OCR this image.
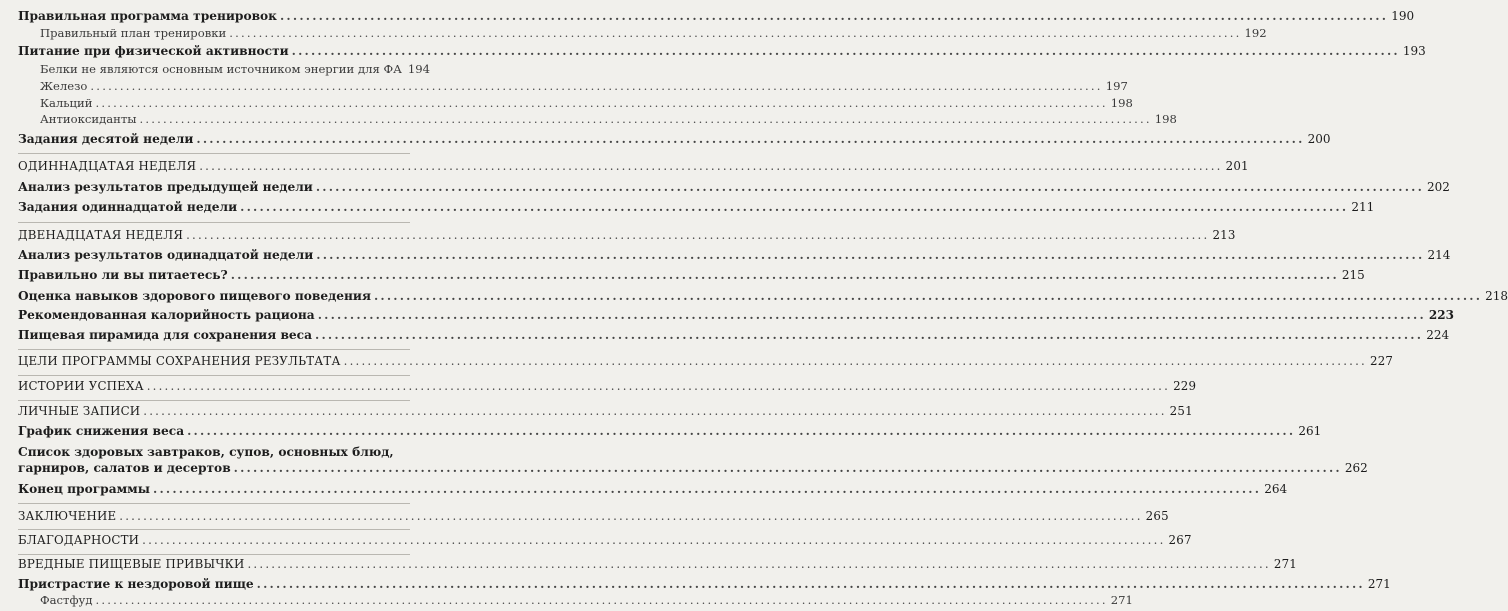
Правильная программа тренировок .....	190
Правильный план тренировки .....	192
Питание при физической активности .....	193
Белки не являются основным источником энергии для ФА 194
Железо .....	197
Кальций .....	198
Антиоксиданты .....	198
Задания десятой недели .....	200
ОДИННАДЦАТАЯ НЕДЕЛЯ .....	201
Анализ результатов предыдущей недели .....	202
Задания одиннадцатой недели .....	211
ДВЕНАДЦАТАЯ НЕДЕЛЯ .....	213
Анализ результатов одинадцатой недели .....	214
Правильно ли вы питаетесь? .....	215
Оценка навыков здорового пищевого поведения .....	218
Рекомендованная калорийность рациона .....	223
Пищевая пирамида для сохранения веса .....	224
ЦЕЛИ ПРОГРАММЫ СОХРАНЕНИЯ РЕЗУЛЬТАТА .....	227
ИСТОРИИ УСПЕХА .....	229
ЛИЧНЫЕ ЗАПИСИ .....	251
График снижения веса .....	261
Список здоровых завтраков, супов, основных блюд,
гарниров, салатов и десертов .....	262
Конец программы .....	264
ЗАКЛЮЧЕНИЕ .....	265
БЛАГОДАРНОСТИ .....	267
ВРЕДНЫЕ ПИЩЕВЫЕ ПРИВЫЧКИ .....	271
Пристрастие к нездоровой пище .....	271
Фастфуд .....	271
